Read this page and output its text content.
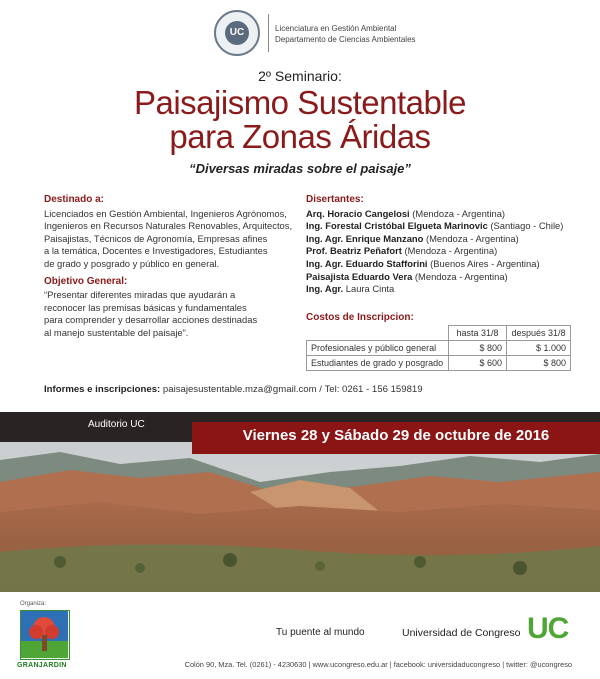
UC	Licenciatura en Gestión Ambiental
Departamento de Ciencias Ambientales
2º Seminario:
Paisajismo Sustentable
para Zonas Áridas
“Diversas miradas sobre el paisaje”
Destinado a:
Licenciados en Gestión Ambiental, Ingenieros Agrónomos,
Ingenieros en Recursos Naturales Renovables, Arquitectos,
Paisajistas, Técnicos de Agronomía, Empresas afines
a la temática, Docentes e Investigadores, Estudiantes
de grado y posgrado y público en general.
Objetivo General:
“Presentar diferentes miradas que ayudarán a
reconocer las premisas básicas y fundamentales
para comprender y desarrollar acciones destinadas
al manejo sustentable del paisaje”.
Disertantes:
Arq. Horacio Cangelosi (Mendoza - Argentina)
Ing. Forestal Cristóbal Elgueta Marinovic (Santiago - Chile)
Ing. Agr. Enrique Manzano (Mendoza - Argentina)
Prof. Beatriz Peñafort (Mendoza - Argentina)
Ing. Agr. Eduardo Stafforini (Buenos Aires - Argentina)
Paisajista Eduardo Vera (Mendoza - Argentina)
Ing. Agr. Laura Cinta
Costos de Inscripcion:
	hasta 31/8	después 31/8
Profesionales y público general	$ 800	$ 1.000
Estudiantes de grado y posgrado	$ 600	$ 800
Informes e inscripciones: paisajesustentable.mza@gmail.com / Tel: 0261 - 156 159819
Auditorio UC
Viernes 28 y Sábado 29 de octubre de 2016
Organiza:
GRANJARDIN
Tu puente al mundo	Universidad de Congreso UC
Colón 90, Mza. Tel. (0261) - 4230630 | www.ucongreso.edu.ar | facebook: universidaducongreso | twitter: @ucongreso
